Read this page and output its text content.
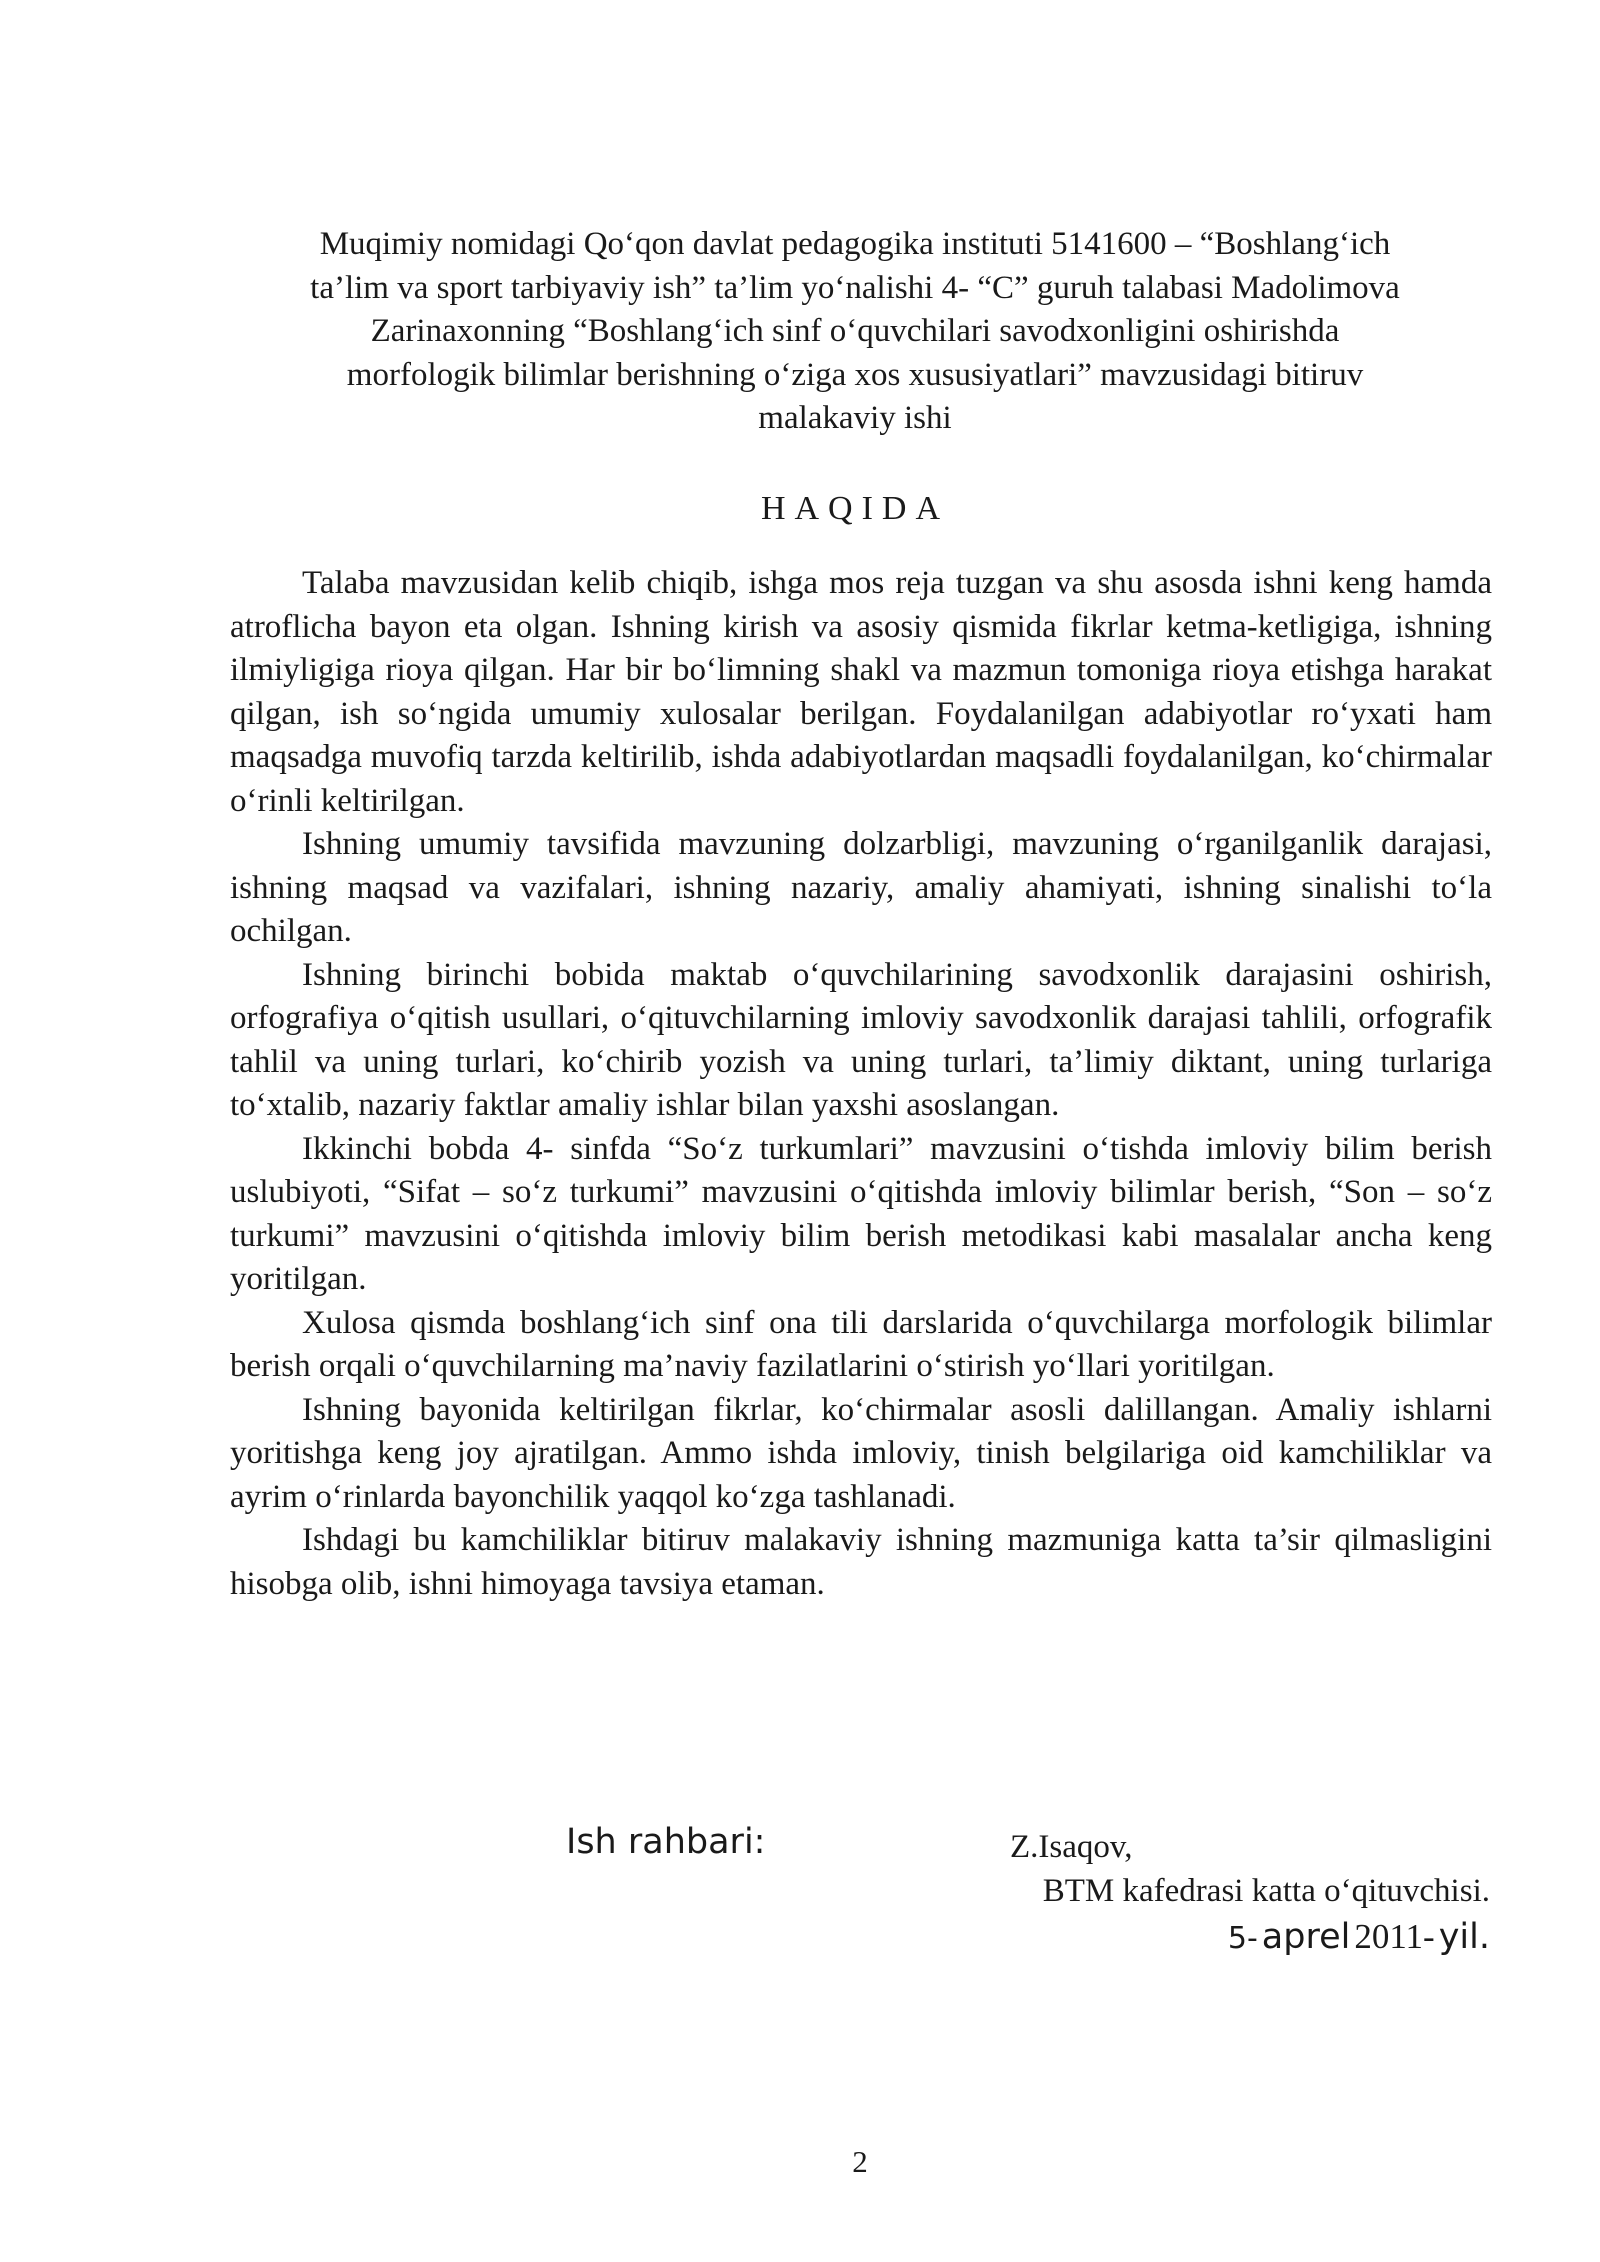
Muqimiy nomidagi Qo‘qon davlat pedagogika instituti 5141600 – “Boshlang‘ich
ta’lim va sport tarbiyaviy ish” ta’lim yo‘nalishi 4- “C” guruh talabasi Madolimova
Zarinaxonning “Boshlang‘ich sinf o‘quvchilari savodxonligini oshirishda
morfologik bilimlar berishning o‘ziga xos xususiyatlari” mavzusidagi bitiruv
malakaviy ishi
HAQIDA

Talaba mavzusidan kelib chiqib, ishga mos reja tuzgan va shu asosda ishni keng hamda atroflicha bayon eta olgan. Ishning kirish va asosiy qismida fikrlar ketma-ketligiga, ishning ilmiyligiga rioya qilgan. Har bir bo‘limning shakl va mazmun tomoniga rioya etishga harakat qilgan, ish so‘ngida umumiy xulosalar berilgan. Foydalanilgan adabiyotlar ro‘yxati ham maqsadga muvofiq tarzda keltirilib, ishda adabiyotlardan maqsadli foydalanilgan, ko‘chirmalar o‘rinli keltirilgan.

Ishning umumiy tavsifida mavzuning dolzarbligi, mavzuning o‘rganilganlik darajasi, ishning maqsad va vazifalari, ishning nazariy, amaliy ahamiyati, ishning sinalishi to‘la ochilgan.

Ishning birinchi bobida maktab o‘quvchilarining savodxonlik darajasini oshirish, orfografiya o‘qitish usullari, o‘qituvchilarning imloviy savodxonlik darajasi tahlili, orfografik tahlil va uning turlari, ko‘chirib yozish va uning turlari, ta’limiy diktant, uning turlariga to‘xtalib, nazariy faktlar amaliy ishlar bilan yaxshi asoslangan.

Ikkinchi bobda 4- sinfda “So‘z turkumlari” mavzusini o‘tishda imloviy bilim berish uslubiyoti, “Sifat – so‘z turkumi” mavzusini o‘qitishda imloviy bilimlar berish, “Son – so‘z turkumi” mavzusini o‘qitishda imloviy bilim berish metodikasi kabi masalalar ancha keng yoritilgan.

Xulosa qismda boshlang‘ich sinf ona tili darslarida o‘quvchilarga morfologik bilimlar berish orqali o‘quvchilarning ma’naviy fazilatlarini o‘stirish yo‘llari yoritilgan.

Ishning bayonida keltirilgan fikrlar, ko‘chirmalar asosli dalillangan. Amaliy ishlarni yoritishga keng joy ajratilgan. Ammo ishda imloviy, tinish belgilariga oid kamchiliklar va ayrim o‘rinlarda bayonchilik yaqqol ko‘zga tashlanadi.

Ishdagi bu kamchiliklar bitiruv malakaviy ishning mazmuniga katta ta’sir qilmasligini hisobga olib, ishni himoyaga tavsiya etaman.

Ish rahbari:	Z.Isaqov,
BTM kafedrasi katta o‘qituvchisi.
5- aprel 2011- yil.
2
